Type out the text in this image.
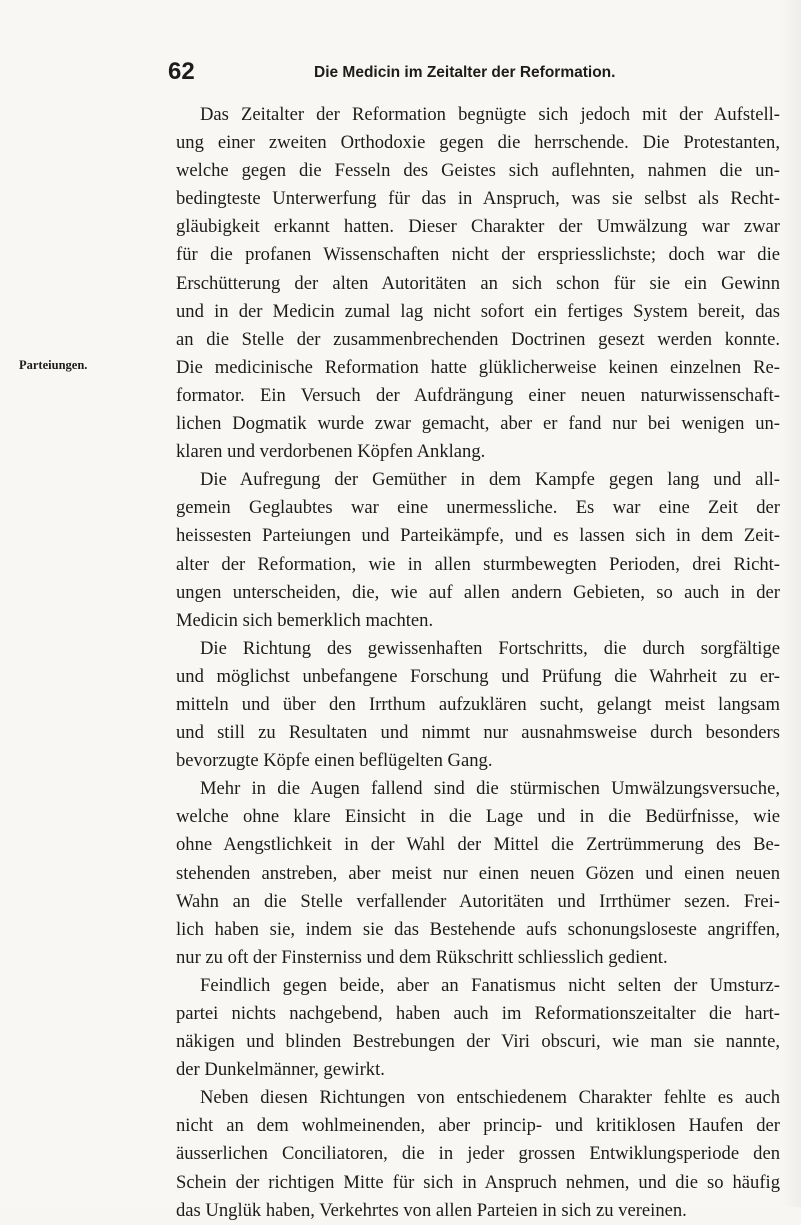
62	Die Medicin im Zeitalter der Reformation.
Parteiungen.
Das Zeitalter der Reformation begnügte sich jedoch mit der Aufstell-
ung einer zweiten Orthodoxie gegen die herrschende. Die Protestanten,
welche gegen die Fesseln des Geistes sich auflehnten, nahmen die un-
bedingteste Unterwerfung für das in Anspruch, was sie selbst als Recht-
gläubigkeit erkannt hatten. Dieser Charakter der Umwälzung war zwar
für die profanen Wissenschaften nicht der erspriesslichste; doch war die
Erschütterung der alten Autoritäten an sich schon für sie ein Gewinn
und in der Medicin zumal lag nicht sofort ein fertiges System bereit, das
an die Stelle der zusammenbrechenden Doctrinen gesezt werden konnte.
Die medicinische Reformation hatte glüklicherweise keinen einzelnen Re-
formator. Ein Versuch der Aufdrängung einer neuen naturwissenschaft-
lichen Dogmatik wurde zwar gemacht, aber er fand nur bei wenigen un-
klaren und verdorbenen Köpfen Anklang.
Die Aufregung der Gemüther in dem Kampfe gegen lang und all-
gemein Geglaubtes war eine unermessliche. Es war eine Zeit der
heissesten Parteiungen und Parteikämpfe, und es lassen sich in dem Zeit-
alter der Reformation, wie in allen sturmbewegten Perioden, drei Richt-
ungen unterscheiden, die, wie auf allen andern Gebieten, so auch in der
Medicin sich bemerklich machten.
Die Richtung des gewissenhaften Fortschritts, die durch sorgfältige
und möglichst unbefangene Forschung und Prüfung die Wahrheit zu er-
mitteln und über den Irrthum aufzuklären sucht, gelangt meist langsam
und still zu Resultaten und nimmt nur ausnahmsweise durch besonders
bevorzugte Köpfe einen beflügelten Gang.
Mehr in die Augen fallend sind die stürmischen Umwälzungsversuche,
welche ohne klare Einsicht in die Lage und in die Bedürfnisse, wie
ohne Aengstlichkeit in der Wahl der Mittel die Zertrümmerung des Be-
stehenden anstreben, aber meist nur einen neuen Gözen und einen neuen
Wahn an die Stelle verfallender Autoritäten und Irrthümer sezen. Frei-
lich haben sie, indem sie das Bestehende aufs schonungsloseste angriffen,
nur zu oft der Finsterniss und dem Rükschritt schliesslich gedient.
Feindlich gegen beide, aber an Fanatismus nicht selten der Umsturz-
partei nichts nachgebend, haben auch im Reformationszeitalter die hart-
näkigen und blinden Bestrebungen der Viri obscuri, wie man sie nannte,
der Dunkelmänner, gewirkt.
Neben diesen Richtungen von entschiedenem Charakter fehlte es auch
nicht an dem wohlmeinenden, aber princip- und kritiklosen Haufen der
äusserlichen Conciliatoren, die in jeder grossen Entwiklungsperiode den
Schein der richtigen Mitte für sich in Anspruch nehmen, und die so häufig
das Unglük haben, Verkehrtes von allen Parteien in sich zu vereinen.
